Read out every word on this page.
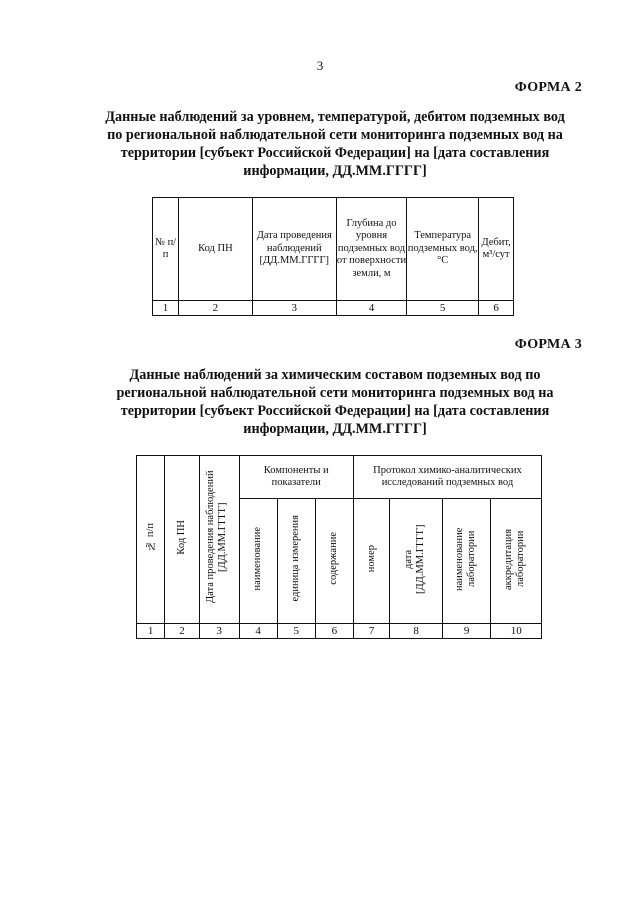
3
ФОРМА 2
Данные наблюдений за уровнем, температурой, дебитом подземных вод
по региональной наблюдательной сети мониторинга подземных вод на
территории [субъект Российской Федерации] на [дата составления
информации, ДД.ММ.ГГГГ]
№ п/п	Код ПН	Дата проведения наблюдений [ДД.ММ.ГГГГ]	Глубина до уровня подземных вод от поверхности земли, м	Температура подземных вод, °С	Дебит, м³/сут
1	2	3	4	5	6
ФОРМА 3
Данные наблюдений за химическим составом подземных вод по
региональной наблюдательной сети мониторинга подземных вод на
территории [субъект Российской Федерации] на [дата составления
информации, ДД.ММ.ГГГГ]
№ п/п	Код ПН	Дата проведения наблюдений [ДД.ММ.ГГГГ]	Компоненты и показатели			Протокол химико-аналитических исследований подземных вод			
			наименование	единица измерения	содержание	номер	дата [ДД.ММ.ГГГГ]	наименование лаборатории	аккредитация лаборатории
1	2	3	4	5	6	7	8	9	10
